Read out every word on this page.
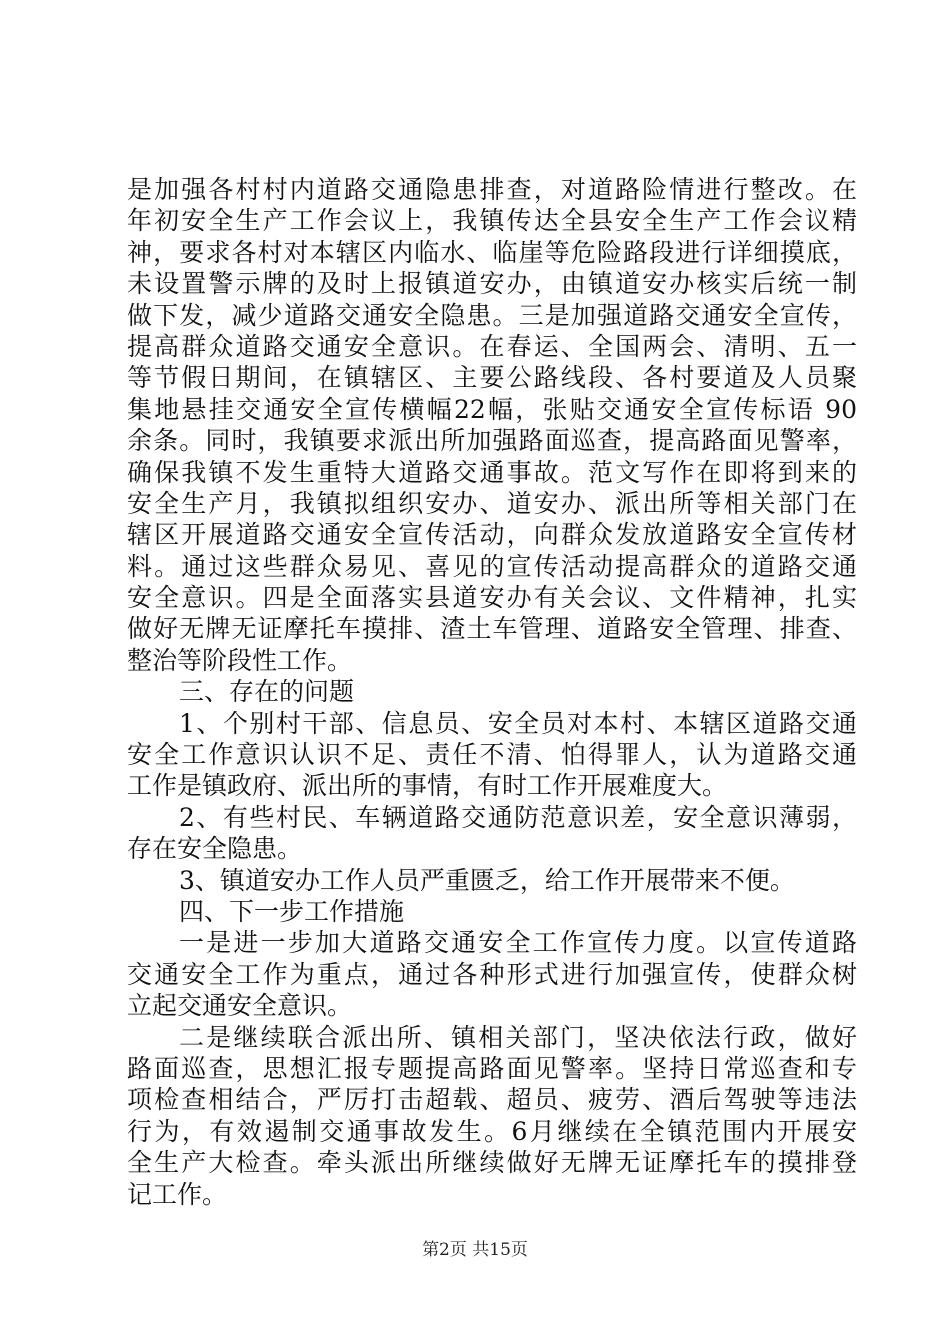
是加强各村村内道路交通隐患排查，对道路险情进行整改。在
年初安全生产工作会议上，我镇传达全县安全生产工作会议精
神，要求各村对本辖区内临水、临崖等危险路段进行详细摸底，
未设置警示牌的及时上报镇道安办，由镇道安办核实后统一制
做下发，减少道路交通安全隐患。三是加强道路交通安全宣传，
提高群众道路交通安全意识。在春运、全国两会、清明、五一
等节假日期间，在镇辖区、主要公路线段、各村要道及人员聚
集地悬挂交通安全宣传横幅22幅，张贴交通安全宣传标语 90
余条。同时，我镇要求派出所加强路面巡查，提高路面见警率，
确保我镇不发生重特大道路交通事故。范文写作在即将到来的
安全生产月，我镇拟组织安办、道安办、派出所等相关部门在
辖区开展道路交通安全宣传活动，向群众发放道路安全宣传材
料。通过这些群众易见、喜见的宣传活动提高群众的道路交通
安全意识。四是全面落实县道安办有关会议、文件精神，扎实
做好无牌无证摩托车摸排、渣土车管理、道路安全管理、排查、
整治等阶段性工作。
三、存在的问题
1、个别村干部、信息员、安全员对本村、本辖区道路交通
安全工作意识认识不足、责任不清、怕得罪人，认为道路交通
工作是镇政府、派出所的事情，有时工作开展难度大。
2、有些村民、车辆道路交通防范意识差，安全意识薄弱，
存在安全隐患。
3、镇道安办工作人员严重匮乏，给工作开展带来不便。
四、下一步工作措施
一是进一步加大道路交通安全工作宣传力度。以宣传道路
交通安全工作为重点，通过各种形式进行加强宣传，使群众树
立起交通安全意识。
二是继续联合派出所、镇相关部门，坚决依法行政，做好
路面巡查，思想汇报专题提高路面见警率。坚持日常巡查和专
项检查相结合，严厉打击超载、超员、疲劳、酒后驾驶等违法
行为，有效遏制交通事故发生。6月继续在全镇范围内开展安
全生产大检查。牵头派出所继续做好无牌无证摩托车的摸排登
记工作。
第2页 共15页
